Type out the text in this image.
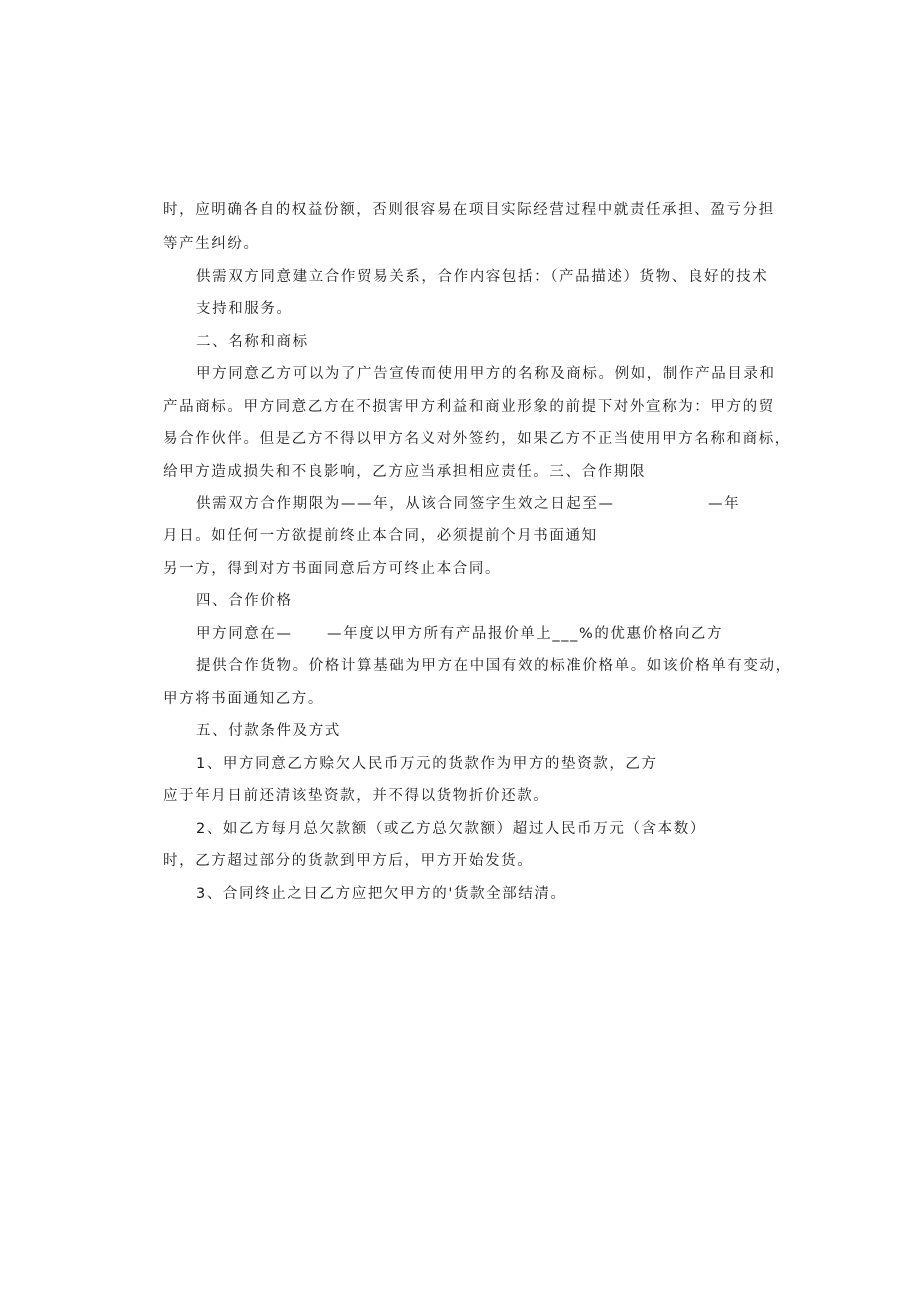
时，应明确各自的权益份额，否则很容易在项目实际经营过程中就责任承担、盈亏分担
等产生纠纷。
供需双方同意建立合作贸易关系，合作内容包括：（产品描述）货物、良好的技术
支持和服务。
二、名称和商标
甲方同意乙方可以为了广告宣传而使用甲方的名称及商标。例如，制作产品目录和
产品商标。甲方同意乙方在不损害甲方利益和商业形象的前提下对外宣称为：甲方的贸
易合作伙伴。但是乙方不得以甲方名义对外签约，如果乙方不正当使用甲方名称和商标，
给甲方造成损失和不良影响，乙方应当承担相应责任。三、合作期限
供需双方合作期限为——年，从该合同签字生效之日起至—	—年
月日。如任何一方欲提前终止本合同，必须提前个月书面通知
另一方，得到对方书面同意后方可终止本合同。
四、合作价格
甲方同意在— —年度以甲方所有产品报价单上___%的优惠价格向乙方
提供合作货物。价格计算基础为甲方在中国有效的标准价格单。如该价格单有变动，
甲方将书面通知乙方。
五、付款条件及方式
1、甲方同意乙方赊欠人民币万元的货款作为甲方的垫资款，乙方
应于年月日前还清该垫资款，并不得以货物折价还款。
2、如乙方每月总欠款额（或乙方总欠款额）超过人民币万元（含本数）
时，乙方超过部分的货款到甲方后，甲方开始发货。
3、合同终止之日乙方应把欠甲方的'货款全部结清。
